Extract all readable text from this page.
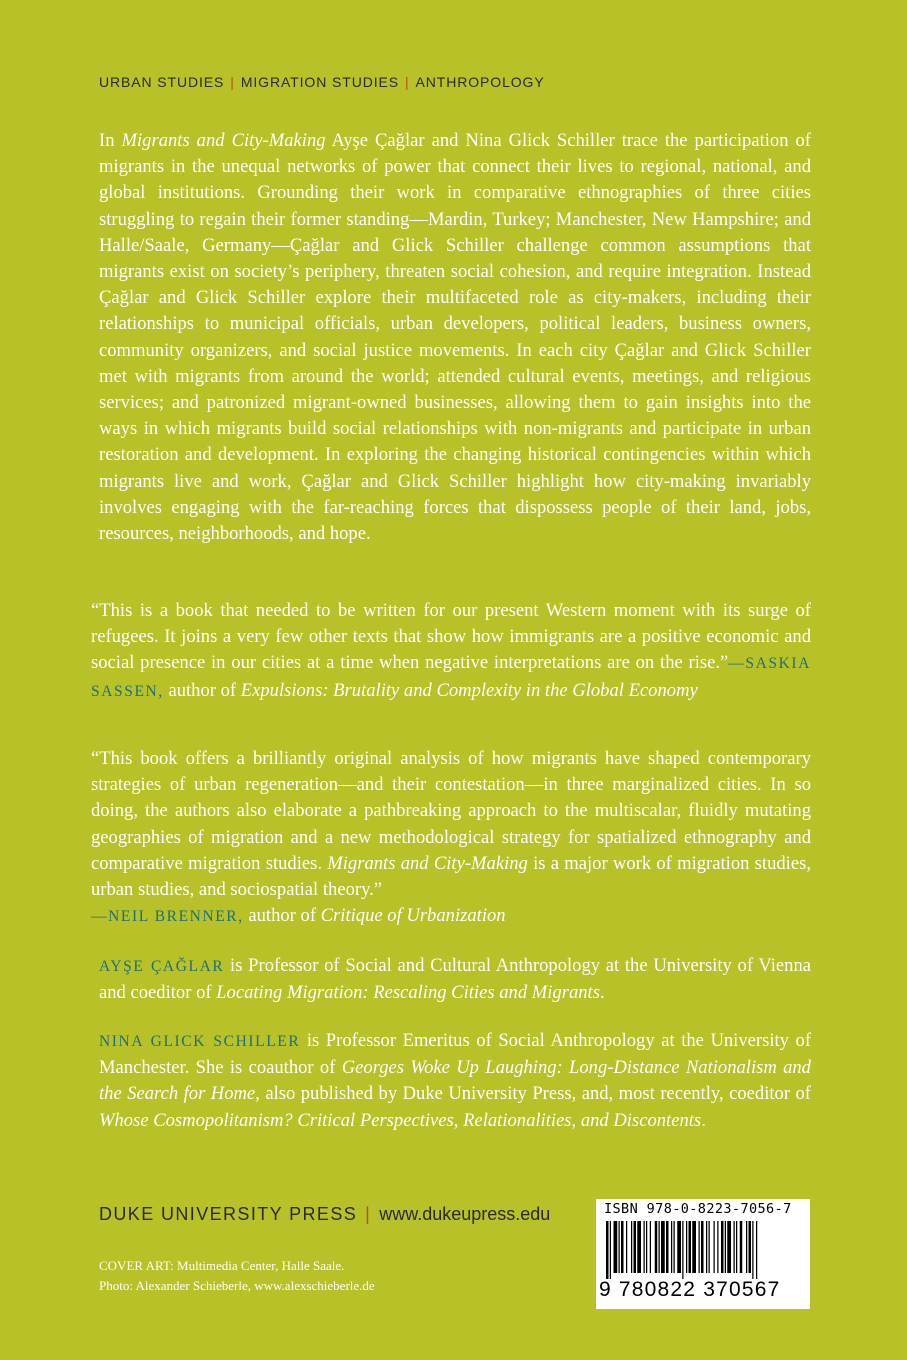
URBAN STUDIES | MIGRATION STUDIES | ANTHROPOLOGY

In Migrants and City-Making Ayşe Çağlar and Nina Glick Schiller trace the participation of migrants in the unequal networks of power that connect their lives to regional, national, and global institutions. Grounding their work in comparative ethnographies of three cities struggling to regain their former standing—Mardin, Turkey; Manchester, New Hampshire; and Halle/Saale, Germany—Çağlar and Glick Schiller challenge common assumptions that migrants exist on society’s periphery, threaten social cohesion, and require integration. Instead Çağlar and Glick Schiller explore their multifaceted role as city-makers, including their relationships to municipal officials, urban developers, political leaders, business owners, community organizers, and social justice movements. In each city Çağlar and Glick Schiller met with migrants from around the world; attended cultural events, meetings, and religious services; and patronized migrant-owned businesses, allowing them to gain insights into the ways in which migrants build social relationships with non-migrants and participate in urban restoration and development. In exploring the changing historical contingencies within which migrants live and work, Çağlar and Glick Schiller highlight how city-making invariably involves engaging with the far-reaching forces that dispossess people of their land, jobs, resources, neighborhoods, and hope.

“This is a book that needed to be written for our present Western moment with its surge of refugees. It joins a very few other texts that show how immigrants are a positive economic and social presence in our cities at a time when negative interpretations are on the rise.”—SASKIA SASSEN, author of Expulsions: Brutality and Complexity in the Global Economy

“This book offers a brilliantly original analysis of how migrants have shaped contemporary strategies of urban regeneration—and their contestation—in three marginalized cities. In so doing, the authors also elaborate a pathbreaking approach to the multiscalar, fluidly mutating geographies of migration and a new methodological strategy for spatialized ethnography and comparative migration studies. Migrants and City-Making is a major work of migration studies, urban studies, and sociospatial theory.”
—NEIL BRENNER, author of Critique of Urbanization

AYŞE ÇAĞLAR is Professor of Social and Cultural Anthropology at the University of Vienna and coeditor of Locating Migration: Rescaling Cities and Migrants.

NINA GLICK SCHILLER is Professor Emeritus of Social Anthropology at the University of Manchester. She is coauthor of Georges Woke Up Laughing: Long-Distance Nationalism and the Search for Home, also published by Duke University Press, and, most recently, coeditor of Whose Cosmopolitanism? Critical Perspectives, Relationalities, and Discontents.

DUKE UNIVERSITY PRESS | www.dukeupress.edu
COVER ART: Multimedia Center, Halle Saale.
Photo: Alexander Schieberle, www.alexschieberle.de
ISBN 978-0-8223-7056-7
9 780822 370567
